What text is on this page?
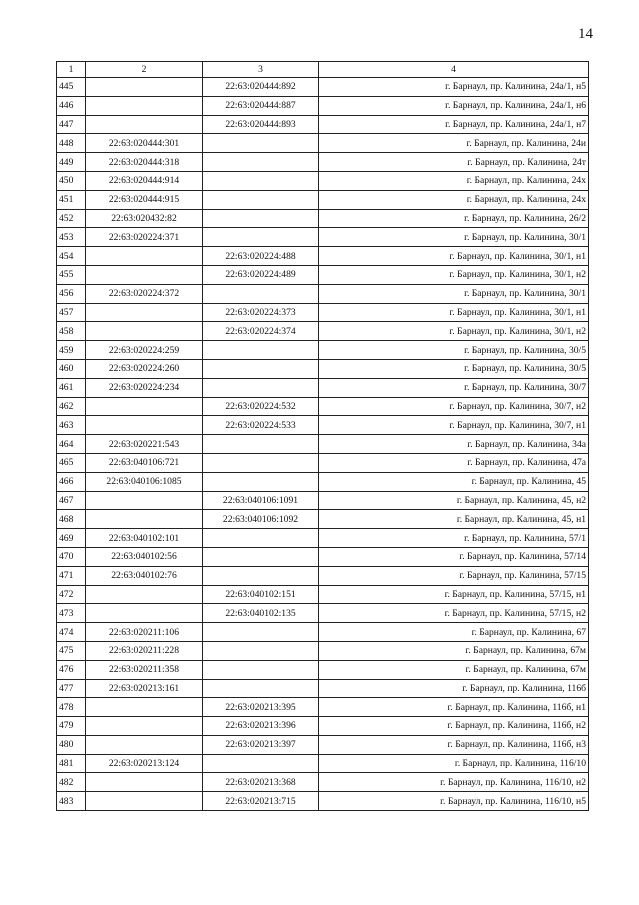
14
1	2	3	4
445		22:63:020444:892	г. Барнаул, пр. Калинина, 24а/1, н5
446		22:63:020444:887	г. Барнаул, пр. Калинина, 24а/1, н6
447		22:63:020444:893	г. Барнаул, пр. Калинина, 24а/1, н7
448	22:63:020444:301		г. Барнаул, пр. Калинина, 24и
449	22:63:020444:318		г. Барнаул, пр. Калинина, 24т
450	22:63:020444:914		г. Барнаул, пр. Калинина, 24х
451	22:63:020444:915		г. Барнаул, пр. Калинина, 24х
452	22:63:020432:82		г. Барнаул, пр. Калинина, 26/2
453	22:63:020224:371		г. Барнаул, пр. Калинина, 30/1
454		22:63:020224:488	г. Барнаул, пр. Калинина, 30/1, н1
455		22:63:020224:489	г. Барнаул, пр. Калинина, 30/1, н2
456	22:63:020224:372		г. Барнаул, пр. Калинина, 30/1
457		22:63:020224:373	г. Барнаул, пр. Калинина, 30/1, н1
458		22:63:020224:374	г. Барнаул, пр. Калинина, 30/1, н2
459	22:63:020224:259		г. Барнаул, пр. Калинина, 30/5
460	22:63:020224:260		г. Барнаул, пр. Калинина, 30/5
461	22:63:020224:234		г. Барнаул, пр. Калинина, 30/7
462		22:63:020224:532	г. Барнаул, пр. Калинина, 30/7, н2
463		22:63:020224:533	г. Барнаул, пр. Калинина, 30/7, н1
464	22:63:020221:543		г. Барнаул, пр. Калинина, 34а
465	22:63:040106:721		г. Барнаул, пр. Калинина, 47а
466	22:63:040106:1085		г. Барнаул, пр. Калинина, 45
467		22:63:040106:1091	г. Барнаул, пр. Калинина, 45, н2
468		22:63:040106:1092	г. Барнаул, пр. Калинина, 45, н1
469	22:63:040102:101		г. Барнаул, пр. Калинина, 57/1
470	22:63:040102:56		г. Барнаул, пр. Калинина, 57/14
471	22:63:040102:76		г. Барнаул, пр. Калинина, 57/15
472		22:63:040102:151	г. Барнаул, пр. Калинина, 57/15, н1
473		22:63:040102:135	г. Барнаул, пр. Калинина, 57/15, н2
474	22:63:020211:106		г. Барнаул, пр. Калинина, 67
475	22:63:020211:228		г. Барнаул, пр. Калинина, 67м
476	22:63:020211:358		г. Барнаул, пр. Калинина, 67м
477	22:63:020213:161		г. Барнаул, пр. Калинина, 116б
478		22:63:020213:395	г. Барнаул, пр. Калинина, 116б, н1
479		22:63:020213:396	г. Барнаул, пр. Калинина, 116б, н2
480		22:63:020213:397	г. Барнаул, пр. Калинина, 116б, н3
481	22:63:020213:124		г. Барнаул, пр. Калинина, 116/10
482		22:63:020213:368	г. Барнаул, пр. Калинина, 116/10, н2
483		22:63:020213:715	г. Барнаул, пр. Калинина, 116/10, н5
